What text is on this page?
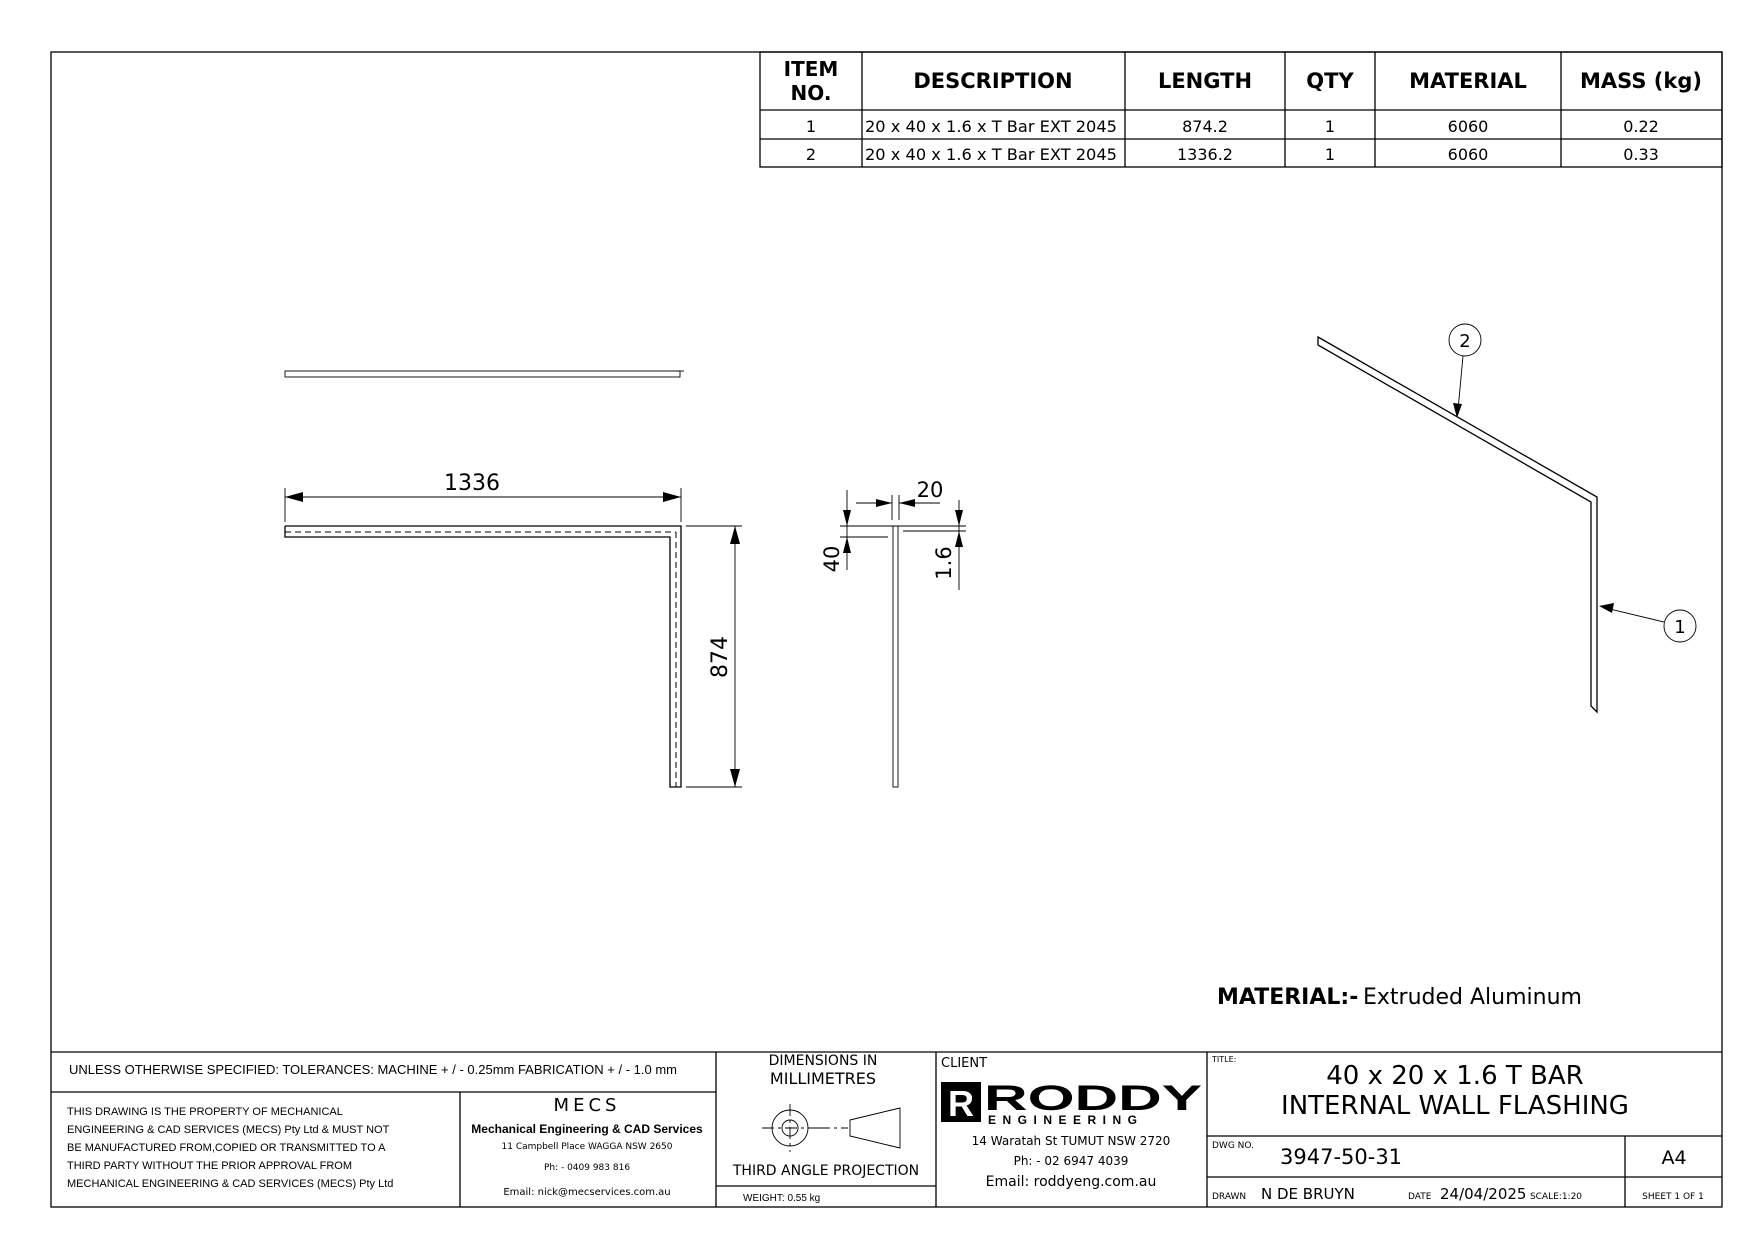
ITEM
NO.	DESCRIPTION	LENGTH	QTY	MATERIAL	MASS (kg)
1	20 x 40 x 1.6 x T Bar EXT 2045	874.2	1	6060	0.22
2	20 x 40 x 1.6 x T Bar EXT 2045	1336.2	1	6060	0.33
1336
874
20
40	1.6
2
1
MATERIAL:- Extruded Aluminum
UNLESS OTHERWISE SPECIFIED: TOLERANCES: MACHINE + / - 0.25mm FABRICATION + / - 1.0 mm
DIMENSIONS IN
MILLIMETRES
THIS DRAWING IS THE PROPERTY OF MECHANICAL
ENGINEERING & CAD SERVICES (MECS) Pty Ltd & MUST NOT
BE MANUFACTURED FROM,COPIED OR TRANSMITTED TO A
THIRD PARTY WITHOUT THE PRIOR APPROVAL FROM
MECHANICAL ENGINEERING & CAD SERVICES (MECS) Pty Ltd
MECS
Mechanical Engineering & CAD Services
11 Campbell Place WAGGA NSW 2650
Ph: - 0409 983 816
Email: nick@mecservices.com.au
THIRD ANGLE PROJECTION
WEIGHT: 0.55 kg
CLIENT
R RODDY
ENGINEERING
14 Waratah St TUMUT NSW 2720
Ph: - 02 6947 4039
Email: roddyeng.com.au
TITLE:
40 x 20 x 1.6 T BAR
INTERNAL WALL FLASHING
DWG NO. 3947-50-31	A4
DRAWN N DE BRUYN	DATE 24/04/2025 SCALE:1:20	SHEET 1 OF 1
